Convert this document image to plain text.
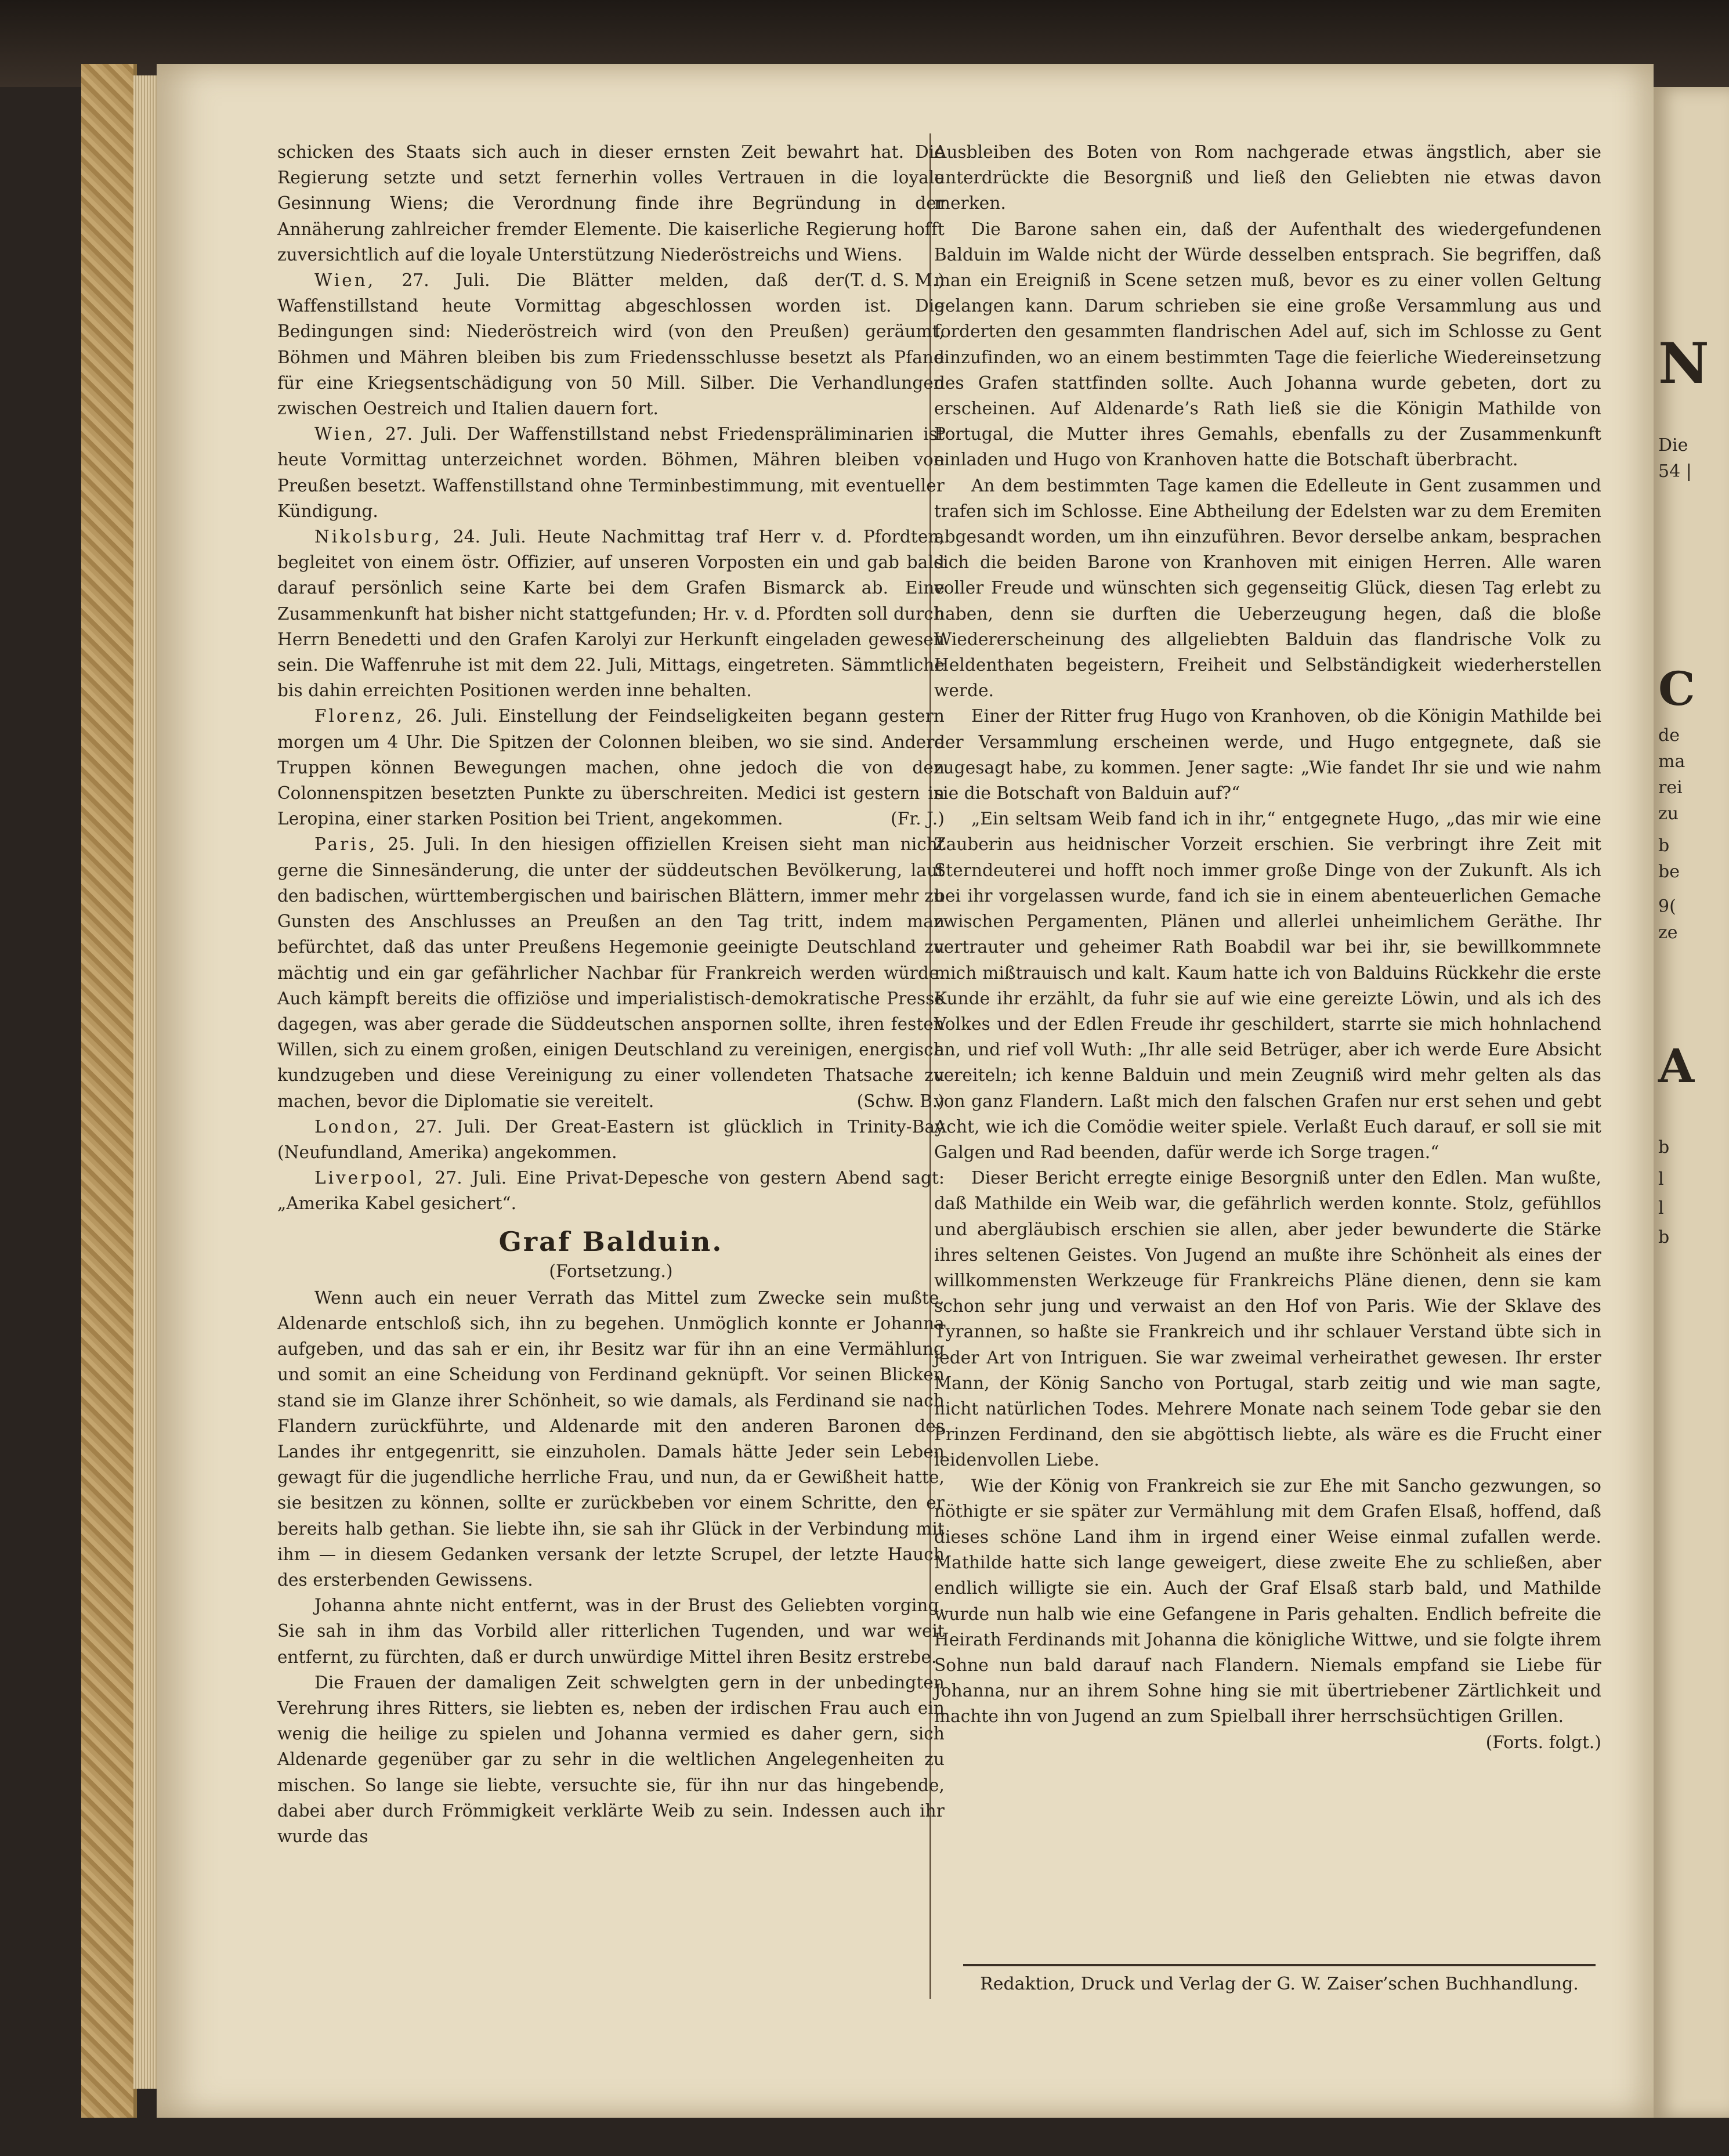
schicken des Staats sich auch in dieser ernsten Zeit bewahrt hat. Die Regierung setzte und setzt fernerhin volles Vertrauen in die loyale Gesinnung Wiens; die Verordnung finde ihre Begründung in der Annäherung zahlreicher fremder Elemente. Die kaiserliche Regierung hofft zuversichtlich auf die loyale Unterstützung Niederöstreichs und Wiens.
(T. d. S. M.)

Wien, 27. Juli. Die Blätter melden, daß der Waffenstillstand heute Vormittag abgeschlossen worden ist. Die Bedingungen sind: Niederöstreich wird (von den Preußen) geräumt, Böhmen und Mähren bleiben bis zum Friedensschlusse besetzt als Pfand für eine Kriegsentschädigung von 50 Mill. Silber. Die Verhandlungen zwischen Oestreich und Italien dauern fort.

Wien, 27. Juli. Der Waffenstillstand nebst Friedenspräliminarien ist heute Vormittag unterzeichnet worden. Böhmen, Mähren bleiben von Preußen besetzt. Waffenstillstand ohne Terminbestimmung, mit eventueller Kündigung.

Nikolsburg, 24. Juli. Heute Nachmittag traf Herr v. d. Pfordten, begleitet von einem östr. Offizier, auf unseren Vorposten ein und gab bald darauf persönlich seine Karte bei dem Grafen Bismarck ab. Eine Zusammenkunft hat bisher nicht stattgefunden; Hr. v. d. Pfordten soll durch Herrn Benedetti und den Grafen Karolyi zur Herkunft eingeladen gewesen sein. Die Waffenruhe ist mit dem 22. Juli, Mittags, eingetreten. Sämmtliche bis dahin erreichten Positionen werden inne behalten.

Florenz, 26. Juli. Einstellung der Feindseligkeiten begann gestern morgen um 4 Uhr. Die Spitzen der Colonnen bleiben, wo sie sind. Andere Truppen können Bewegungen machen, ohne jedoch die von den Colonnenspitzen besetzten Punkte zu überschreiten. Medici ist gestern in Leropina, einer starken Position bei Trient, angekommen.	(Fr. J.)

Paris, 25. Juli. In den hiesigen offiziellen Kreisen sieht man nicht gerne die Sinnesänderung, die unter der süddeutschen Bevölkerung, laut den badischen, württembergischen und bairischen Blättern, immer mehr zu Gunsten des Anschlusses an Preußen an den Tag tritt, indem man befürchtet, daß das unter Preußens Hegemonie geeinigte Deutschland zu mächtig und ein gar gefährlicher Nachbar für Frankreich werden würde. Auch kämpft bereits die offiziöse und imperialistisch-demokratische Presse dagegen, was aber gerade die Süddeutschen anspornen sollte, ihren festen Willen, sich zu einem großen, einigen Deutschland zu vereinigen, energisch kundzugeben und diese Vereinigung zu einer vollendeten Thatsache zu machen, bevor die Diplomatie sie vereitelt.	(Schw. B.)

London, 27. Juli. Der Great-Eastern ist glücklich in Trinity-Bay (Neufundland, Amerika) angekommen.

Liverpool, 27. Juli. Eine Privat-Depesche von gestern Abend sagt: „Amerika Kabel gesichert“.

Graf Balduin.
(Fortsetzung.)

Wenn auch ein neuer Verrath das Mittel zum Zwecke sein mußte, Aldenarde entschloß sich, ihn zu begehen. Unmöglich konnte er Johanna aufgeben, und das sah er ein, ihr Besitz war für ihn an eine Vermählung und somit an eine Scheidung von Ferdinand geknüpft. Vor seinen Blicken stand sie im Glanze ihrer Schönheit, so wie damals, als Ferdinand sie nach Flandern zurückführte, und Aldenarde mit den anderen Baronen des Landes ihr entgegenritt, sie einzuholen. Damals hätte Jeder sein Leben gewagt für die jugendliche herrliche Frau, und nun, da er Gewißheit hatte, sie besitzen zu können, sollte er zurückbeben vor einem Schritte, den er bereits halb gethan. Sie liebte ihn, sie sah ihr Glück in der Verbindung mit ihm — in diesem Gedanken versank der letzte Scrupel, der letzte Hauch des ersterbenden Gewissens.

Johanna ahnte nicht entfernt, was in der Brust des Geliebten vorging. Sie sah in ihm das Vorbild aller ritterlichen Tugenden, und war weit entfernt, zu fürchten, daß er durch unwürdige Mittel ihren Besitz erstrebe.

Die Frauen der damaligen Zeit schwelgten gern in der unbedingten Verehrung ihres Ritters, sie liebten es, neben der irdischen Frau auch ein wenig die heilige zu spielen und Johanna vermied es daher gern, sich Aldenarde gegenüber gar zu sehr in die weltlichen Angelegenheiten zu mischen. So lange sie liebte, versuchte sie, für ihn nur das hingebende, dabei aber durch Frömmigkeit verklärte Weib zu sein. Indessen auch ihr wurde das

Ausbleiben des Boten von Rom nachgerade etwas ängstlich, aber sie unterdrückte die Besorgniß und ließ den Geliebten nie etwas davon merken.

Die Barone sahen ein, daß der Aufenthalt des wiedergefundenen Balduin im Walde nicht der Würde desselben entsprach. Sie begriffen, daß man ein Ereigniß in Scene setzen muß, bevor es zu einer vollen Geltung gelangen kann. Darum schrieben sie eine große Versammlung aus und forderten den gesammten flandrischen Adel auf, sich im Schlosse zu Gent einzufinden, wo an einem bestimmten Tage die feierliche Wiedereinsetzung des Grafen stattfinden sollte. Auch Johanna wurde gebeten, dort zu erscheinen. Auf Aldenarde’s Rath ließ sie die Königin Mathilde von Portugal, die Mutter ihres Gemahls, ebenfalls zu der Zusammenkunft einladen und Hugo von Kranhoven hatte die Botschaft überbracht.

An dem bestimmten Tage kamen die Edelleute in Gent zusammen und trafen sich im Schlosse. Eine Abtheilung der Edelsten war zu dem Eremiten abgesandt worden, um ihn einzuführen. Bevor derselbe ankam, besprachen sich die beiden Barone von Kranhoven mit einigen Herren. Alle waren voller Freude und wünschten sich gegenseitig Glück, diesen Tag erlebt zu haben, denn sie durften die Ueberzeugung hegen, daß die bloße Wiedererscheinung des allgeliebten Balduin das flandrische Volk zu Heldenthaten begeistern, Freiheit und Selbständigkeit wiederherstellen werde.

Einer der Ritter frug Hugo von Kranhoven, ob die Königin Mathilde bei der Versammlung erscheinen werde, und Hugo entgegnete, daß sie zugesagt habe, zu kommen. Jener sagte: „Wie fandet Ihr sie und wie nahm sie die Botschaft von Balduin auf?“

„Ein seltsam Weib fand ich in ihr,“ entgegnete Hugo, „das mir wie eine Zauberin aus heidnischer Vorzeit erschien. Sie verbringt ihre Zeit mit Sterndeuterei und hofft noch immer große Dinge von der Zukunft. Als ich bei ihr vorgelassen wurde, fand ich sie in einem abenteuerlichen Gemache zwischen Pergamenten, Plänen und allerlei unheimlichem Geräthe. Ihr vertrauter und geheimer Rath Boabdil war bei ihr, sie bewillkommnete mich mißtrauisch und kalt. Kaum hatte ich von Balduins Rückkehr die erste Kunde ihr erzählt, da fuhr sie auf wie eine gereizte Löwin, und als ich des Volkes und der Edlen Freude ihr geschildert, starrte sie mich hohnlachend an, und rief voll Wuth: „Ihr alle seid Betrüger, aber ich werde Eure Absicht vereiteln; ich kenne Balduin und mein Zeugniß wird mehr gelten als das von ganz Flandern. Laßt mich den falschen Grafen nur erst sehen und gebt Acht, wie ich die Comödie weiter spiele. Verlaßt Euch darauf, er soll sie mit Galgen und Rad beenden, dafür werde ich Sorge tragen.“

Dieser Bericht erregte einige Besorgniß unter den Edlen. Man wußte, daß Mathilde ein Weib war, die gefährlich werden konnte. Stolz, gefühllos und abergläubisch erschien sie allen, aber jeder bewunderte die Stärke ihres seltenen Geistes. Von Jugend an mußte ihre Schönheit als eines der willkommensten Werkzeuge für Frankreichs Pläne dienen, denn sie kam schon sehr jung und verwaist an den Hof von Paris. Wie der Sklave des Tyrannen, so haßte sie Frankreich und ihr schlauer Verstand übte sich in jeder Art von Intriguen. Sie war zweimal verheirathet gewesen. Ihr erster Mann, der König Sancho von Portugal, starb zeitig und wie man sagte, nicht natürlichen Todes. Mehrere Monate nach seinem Tode gebar sie den Prinzen Ferdinand, den sie abgöttisch liebte, als wäre es die Frucht einer leidenvollen Liebe.

Wie der König von Frankreich sie zur Ehe mit Sancho gezwungen, so nöthigte er sie später zur Vermählung mit dem Grafen Elsaß, hoffend, daß dieses schöne Land ihm in irgend einer Weise einmal zufallen werde. Mathilde hatte sich lange geweigert, diese zweite Ehe zu schließen, aber endlich willigte sie ein. Auch der Graf Elsaß starb bald, und Mathilde wurde nun halb wie eine Gefangene in Paris gehalten. Endlich befreite die Heirath Ferdinands mit Johanna die königliche Wittwe, und sie folgte ihrem Sohne nun bald darauf nach Flandern. Niemals empfand sie Liebe für Johanna, nur an ihrem Sohne hing sie mit übertriebener Zärtlichkeit und machte ihn von Jugend an zum Spielball ihrer herrschsüchtigen Grillen.

(Forts. folgt.)

Redaktion, Druck und Verlag der G. W. Zaiser’schen Buchhandlung.
N
Die
54 |
C
de
ma
rei
zu
b
be
9(
ze
A
b
l
l
b
